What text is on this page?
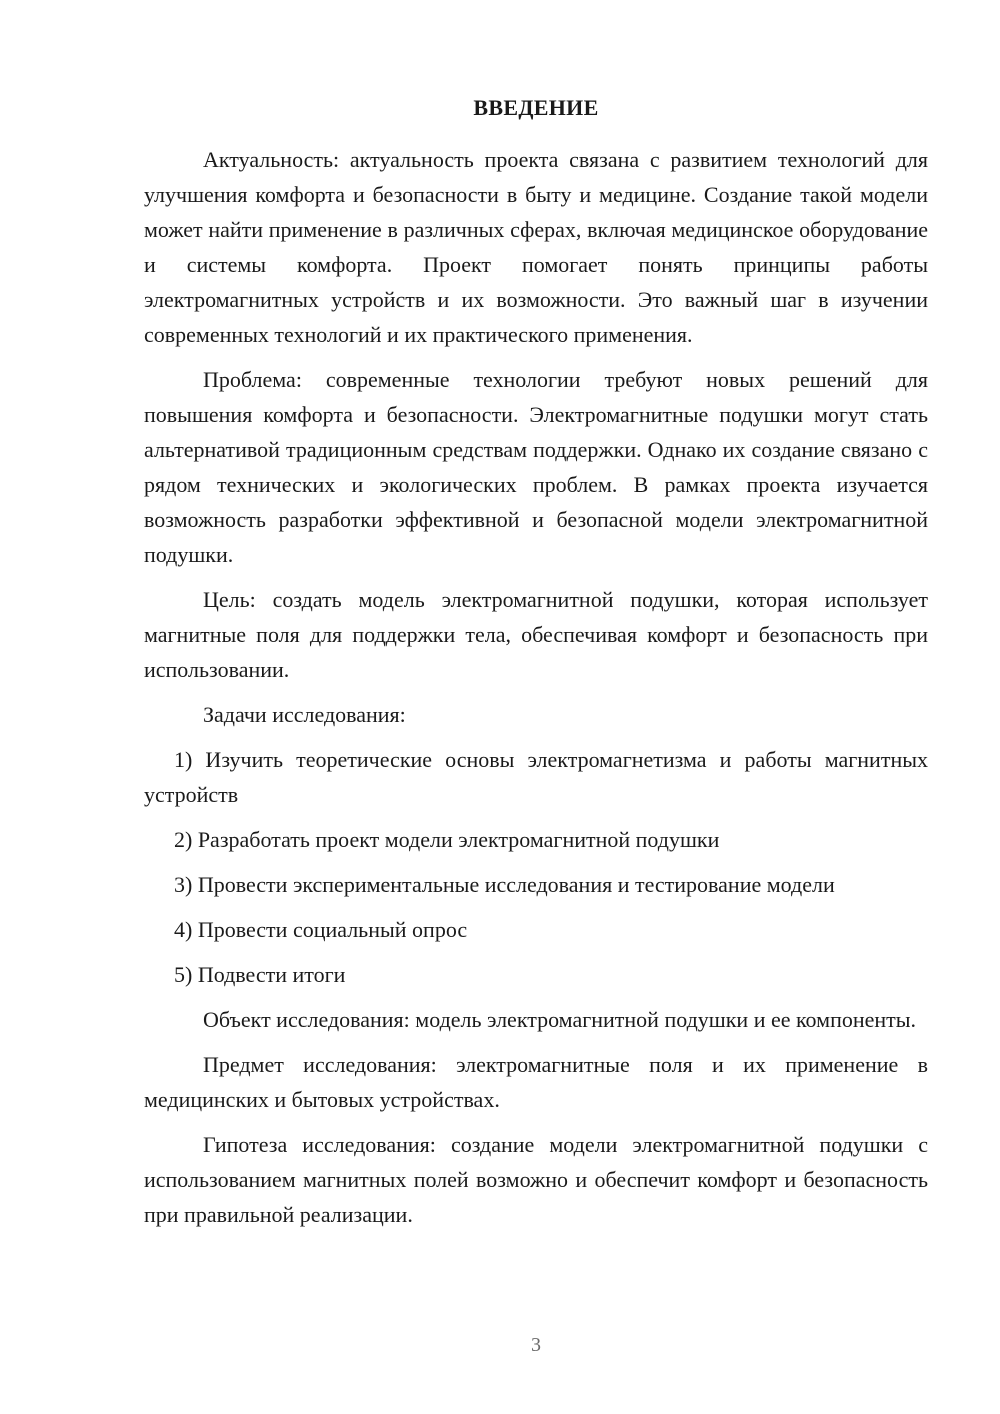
ВВЕДЕНИЕ

Актуальность: актуальность проекта связана с развитием технологий для улучшения комфорта и безопасности в быту и медицине. Создание такой модели может найти применение в различных сферах, включая медицинское оборудование и системы комфорта. Проект помогает понять принципы работы электромагнитных устройств и их возможности. Это важный шаг в изучении современных технологий и их практического применения.

Проблема: современные технологии требуют новых решений для повышения комфорта и безопасности. Электромагнитные подушки могут стать альтернативой традиционным средствам поддержки. Однако их создание связано с рядом технических и экологических проблем. В рамках проекта изучается возможность разработки эффективной и безопасной модели электромагнитной подушки.

Цель: создать модель электромагнитной подушки, которая использует магнитные поля для поддержки тела, обеспечивая комфорт и безопасность при использовании.

Задачи исследования:

1) Изучить теоретические основы электромагнетизма и работы магнитных устройств

2) Разработать проект модели электромагнитной подушки

3) Провести экспериментальные исследования и тестирование модели

4) Провести социальный опрос

5) Подвести итоги

Объект исследования: модель электромагнитной подушки и ее компоненты.

Предмет исследования: электромагнитные поля и их применение в медицинских и бытовых устройствах.

Гипотеза исследования: создание модели электромагнитной подушки с использованием магнитных полей возможно и обеспечит комфорт и безопасность при правильной реализации.

3
